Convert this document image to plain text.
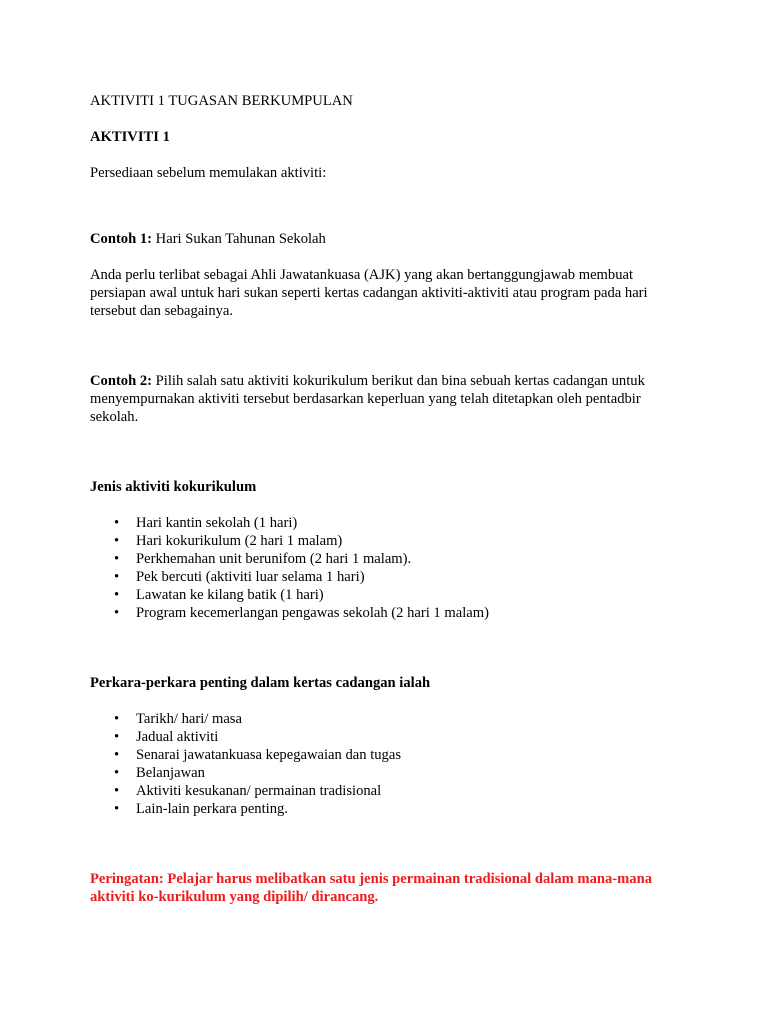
AKTIVITI 1 TUGASAN BERKUMPULAN

AKTIVITI 1

Persediaan sebelum memulakan aktiviti:

Contoh 1: Hari Sukan Tahunan Sekolah

Anda perlu terlibat sebagai Ahli Jawatankuasa (AJK) yang akan bertanggungjawab membuat

persiapan awal untuk hari sukan seperti kertas cadangan aktiviti-aktiviti atau program pada hari

tersebut dan sebagainya.

Contoh 2: Pilih salah satu aktiviti kokurikulum berikut dan bina sebuah kertas cadangan untuk

menyempurnakan aktiviti tersebut berdasarkan keperluan yang telah ditetapkan oleh pentadbir

sekolah.

Jenis aktiviti kokurikulum

• Hari kantin sekolah (1 hari)
• Hari kokurikulum (2 hari 1 malam)
• Perkhemahan unit berunifom (2 hari 1 malam).
• Pek bercuti (aktiviti luar selama 1 hari)
• Lawatan ke kilang batik (1 hari)
• Program kecemerlangan pengawas sekolah (2 hari 1 malam)

Perkara-perkara penting dalam kertas cadangan ialah

• Tarikh/ hari/ masa
• Jadual aktiviti
• Senarai jawatankuasa kepegawaian dan tugas
• Belanjawan
• Aktiviti kesukanan/ permainan tradisional
• Lain-lain perkara penting.

Peringatan: Pelajar harus melibatkan satu jenis permainan tradisional dalam mana-mana

aktiviti ko-kurikulum yang dipilih/ dirancang.
